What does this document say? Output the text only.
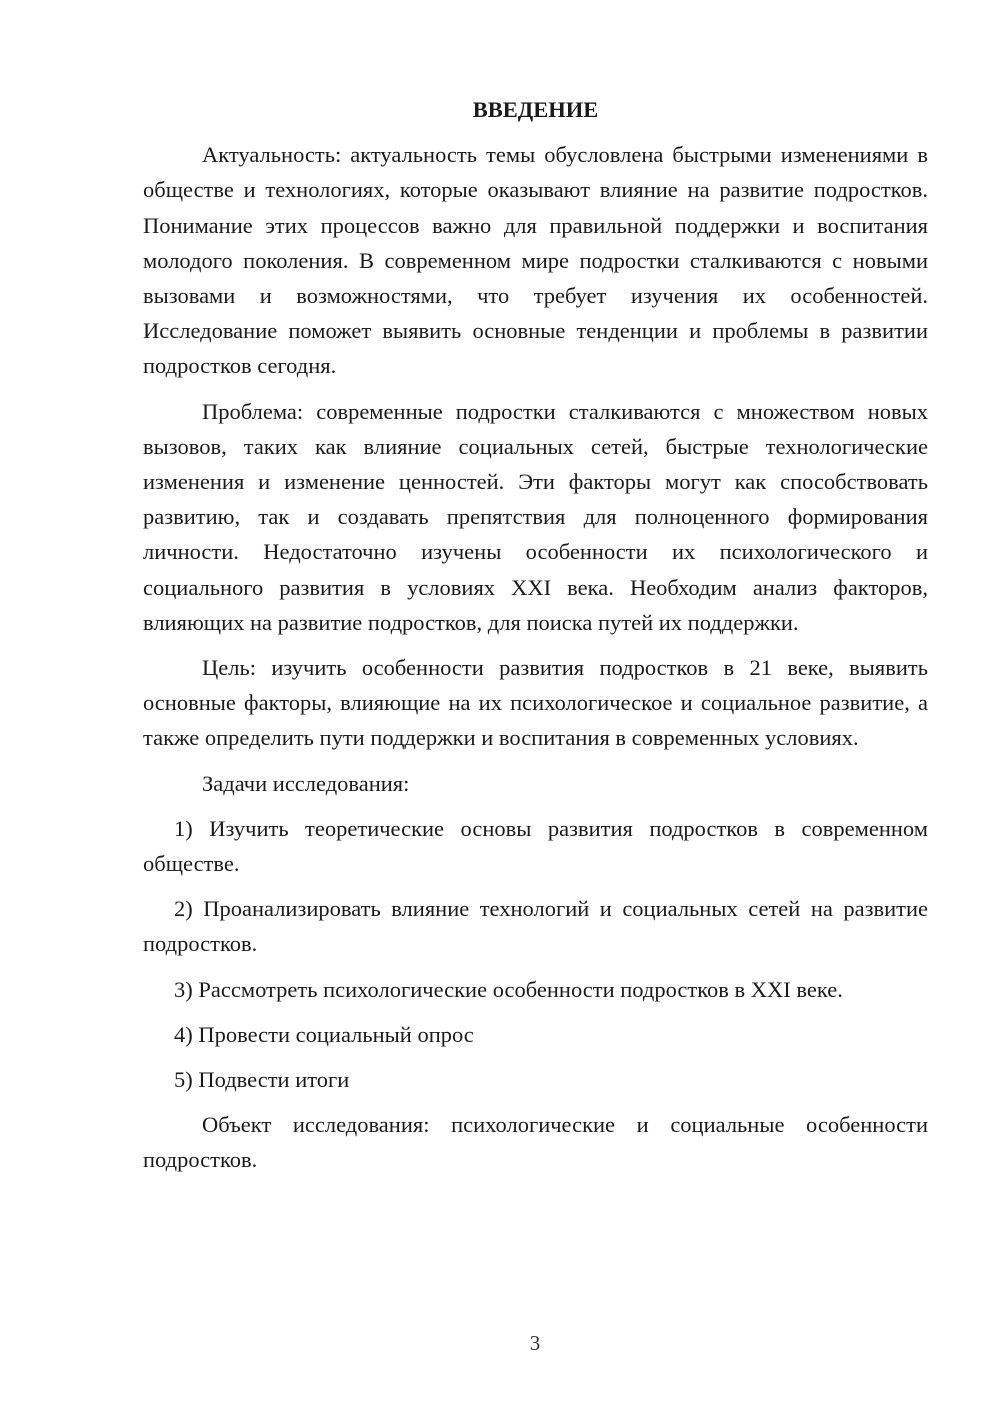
ВВЕДЕНИЕ

Актуальность: актуальность темы обусловлена быстрыми изменениями в обществе и технологиях, которые оказывают влияние на развитие подростков. Понимание этих процессов важно для правильной поддержки и воспитания молодого поколения. В современном мире подростки сталкиваются с новыми вызовами и возможностями, что требует изучения их особенностей. Исследование поможет выявить основные тенденции и проблемы в развитии подростков сегодня.

Проблема: современные подростки сталкиваются с множеством новых вызовов, таких как влияние социальных сетей, быстрые технологические изменения и изменение ценностей. Эти факторы могут как способствовать развитию, так и создавать препятствия для полноценного формирования личности. Недостаточно изучены особенности их психологического и социального развития в условиях XXI века. Необходим анализ факторов, влияющих на развитие подростков, для поиска путей их поддержки.

Цель: изучить особенности развития подростков в 21 веке, выявить основные факторы, влияющие на их психологическое и социальное развитие, а также определить пути поддержки и воспитания в современных условиях.

Задачи исследования:

1) Изучить теоретические основы развития подростков в современном обществе.

2) Проанализировать влияние технологий и социальных сетей на развитие подростков.

3) Рассмотреть психологические особенности подростков в XXI веке.

4) Провести социальный опрос

5) Подвести итоги

Объект исследования: психологические и социальные особенности подростков.

3
